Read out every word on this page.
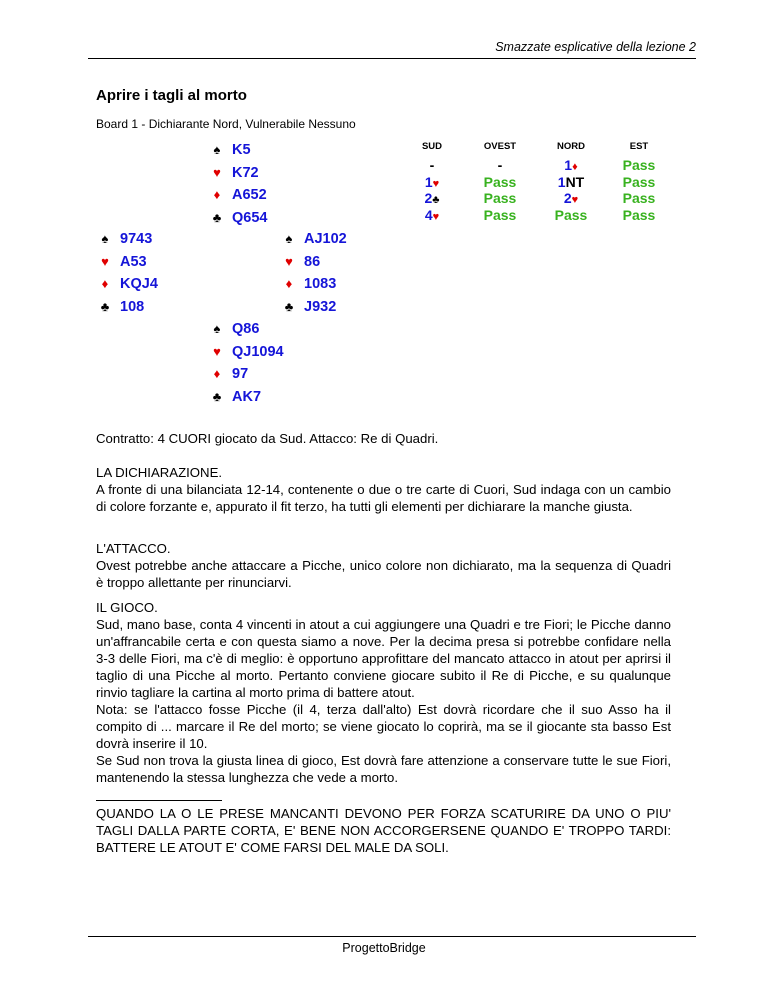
Smazzate esplicative della lezione 2
Aprire i tagli al morto
Board 1 - Dichiarante Nord, Vulnerabile Nessuno
♠ K5
♥ K72
♦ A652
♣ Q654
♠ 9743
♥ A53
♦ KQJ4
♣ 108
♠ AJ102
♥ 86
♦ 1083
♣ J932
♠ Q86
♥ QJ1094
♦ 97
♣ AK7
SUD
-
1♥
2♣
4♥
OVEST
-
Pass
Pass
Pass
NORD
1♦
1NT
2♥
Pass
EST
Pass
Pass
Pass
Pass
Contratto: 4 CUORI giocato da Sud. Attacco: Re di Quadri.

LA DICHIARAZIONE.

A fronte di una bilanciata 12-14, contenente o due o tre carte di Cuori, Sud indaga con un cambio di colore forzante e, appurato il fit terzo, ha tutti gli elementi per dichiarare la manche giusta.

L'ATTACCO.

Ovest potrebbe anche attaccare a Picche, unico colore non dichiarato, ma la sequenza di Quadri è troppo allettante per rinunciarvi.

IL GIOCO.

Sud, mano base, conta 4 vincenti in atout a cui aggiungere una Quadri e tre Fiori; le Picche danno un'affrancabile certa e con questa siamo a nove. Per la decima presa si potrebbe confidare nella 3-3 delle Fiori, ma c'è di meglio: è opportuno approfittare del mancato attacco in atout per aprirsi il taglio di una Picche al morto. Pertanto conviene giocare subito il Re di Picche, e su qualunque rinvio tagliare la cartina al morto prima di battere atout.

Nota: se l'attacco fosse Picche (il 4, terza dall'alto) Est dovrà ricordare che il suo Asso ha il compito di ... marcare il Re del morto; se viene giocato lo coprirà, ma se il giocante sta basso Est dovrà inserire il 10.

Se Sud non trova la giusta linea di gioco, Est dovrà fare attenzione a conservare tutte le sue Fiori, mantenendo la stessa lunghezza che vede a morto.

QUANDO LA O LE PRESE MANCANTI DEVONO PER FORZA SCATURIRE DA UNO O PIU' TAGLI DALLA PARTE CORTA, E' BENE NON ACCORGERSENE QUANDO E' TROPPO TARDI: BATTERE LE ATOUT E' COME FARSI DEL MALE DA SOLI.

ProgettoBridge
